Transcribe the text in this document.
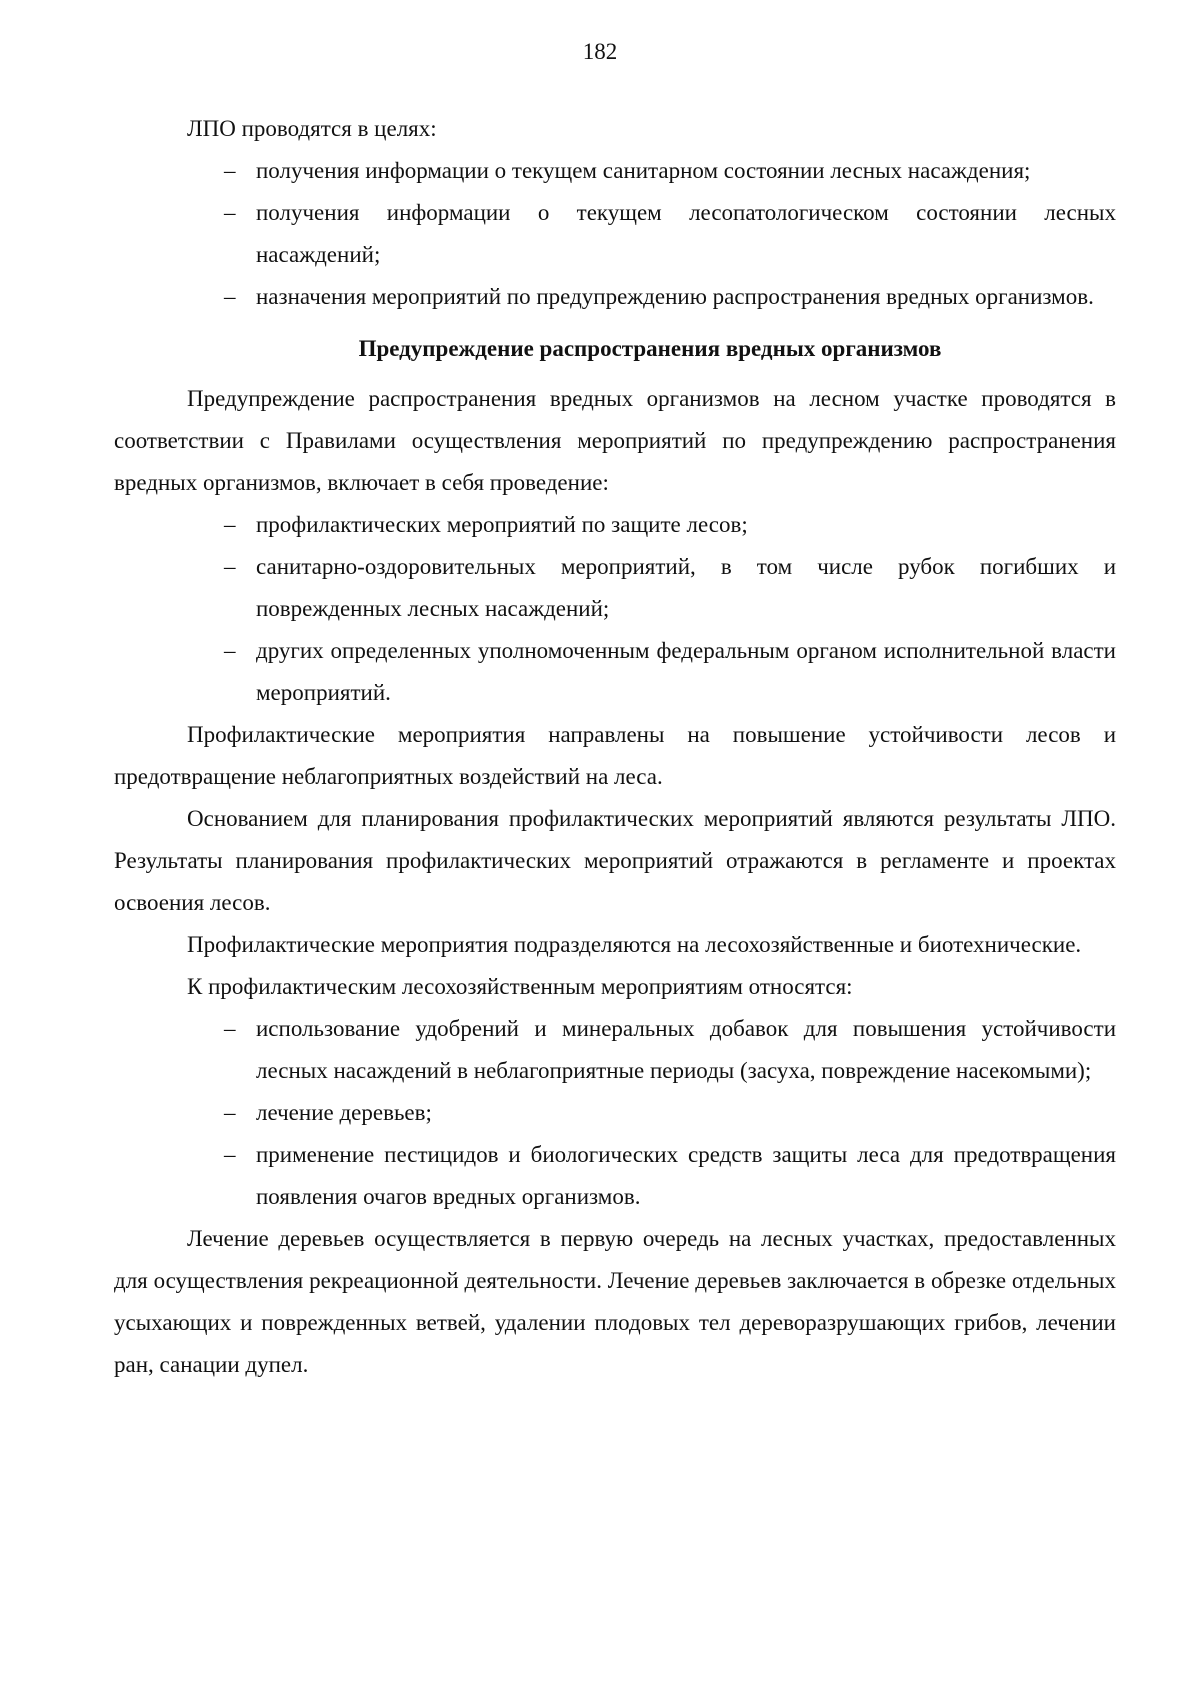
182

ЛПО проводятся в целях:

– получения информации о текущем санитарном состоянии лесных насаждения;
– получения информации о текущем лесопатологическом состоянии лесных насаждений;
– назначения мероприятий по предупреждению распространения вредных организмов.

Предупреждение распространения вредных организмов

Предупреждение распространения вредных организмов на лесном участке проводятся в соответствии с Правилами осуществления мероприятий по предупреждению распространения вредных организмов, включает в себя проведение:

– профилактических мероприятий по защите лесов;
– санитарно-оздоровительных мероприятий, в том числе рубок погибших и поврежденных лесных насаждений;
– других определенных уполномоченным федеральным органом исполнительной власти мероприятий.

Профилактические мероприятия направлены на повышение устойчивости лесов и предотвращение неблагоприятных воздействий на леса.

Основанием для планирования профилактических мероприятий являются результаты ЛПО. Результаты планирования профилактических мероприятий отражаются в регламенте и проектах освоения лесов.

Профилактические мероприятия подразделяются на лесохозяйственные и биотехнические.

К профилактическим лесохозяйственным мероприятиям относятся:

– использование удобрений и минеральных добавок для повышения устойчивости лесных насаждений в неблагоприятные периоды (засуха, повреждение насекомыми);
– лечение деревьев;
– применение пестицидов и биологических средств защиты леса для предотвращения появления очагов вредных организмов.

Лечение деревьев осуществляется в первую очередь на лесных участках, предоставленных для осуществления рекреационной деятельности. Лечение деревьев заключается в обрезке отдельных усыхающих и поврежденных ветвей, удалении плодовых тел дереворазрушающих грибов, лечении ран, санации дупел.
